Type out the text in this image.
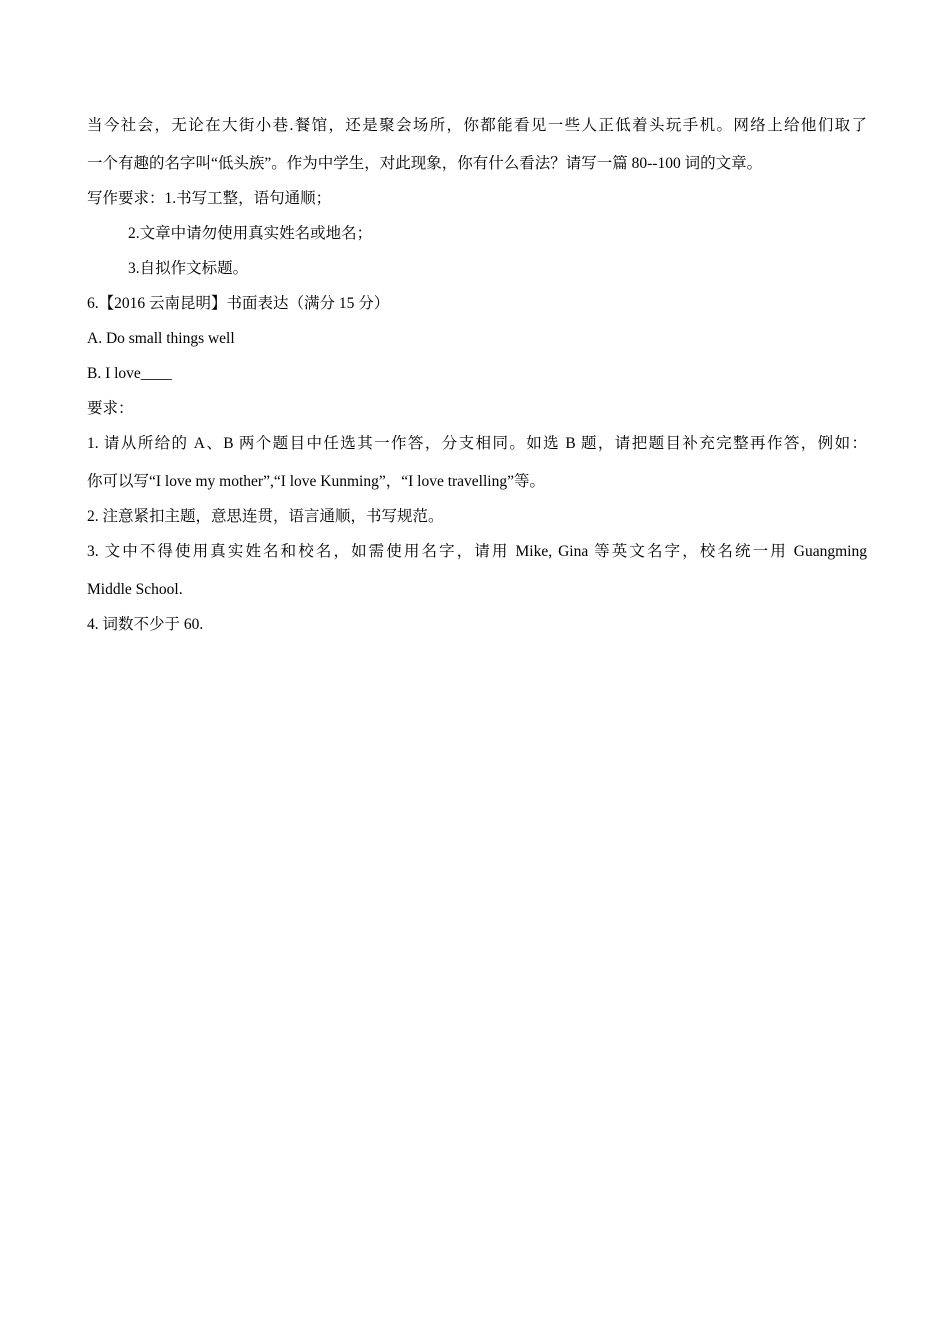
当今社会，无论在大街小巷.餐馆，还是聚会场所，你都能看见一些人正低着头玩手机。网络上给他们取了
一个有趣的名字叫“低头族”。作为中学生，对此现象，你有什么看法？请写一篇 80--100 词的文章。
写作要求：1.书写工整，语句通顺；
2.文章中请勿使用真实姓名或地名；
3.自拟作文标题。
6.【2016 云南昆明】书面表达（满分 15 分）
A. Do small things well
B. I love____
要求：
1. 请从所给的 A、B 两个题目中任选其一作答，分支相同。如选 B 题，请把题目补充完整再作答，例如：
你可以写“I love my mother”,“I love Kunming”，“I love travelling”等。
2. 注意紧扣主题，意思连贯，语言通顺，书写规范。
3. 文中不得使用真实姓名和校名，如需使用名字，请用 Mike, Gina 等英文名字，校名统一用 Guangming
Middle School.
4. 词数不少于 60.
